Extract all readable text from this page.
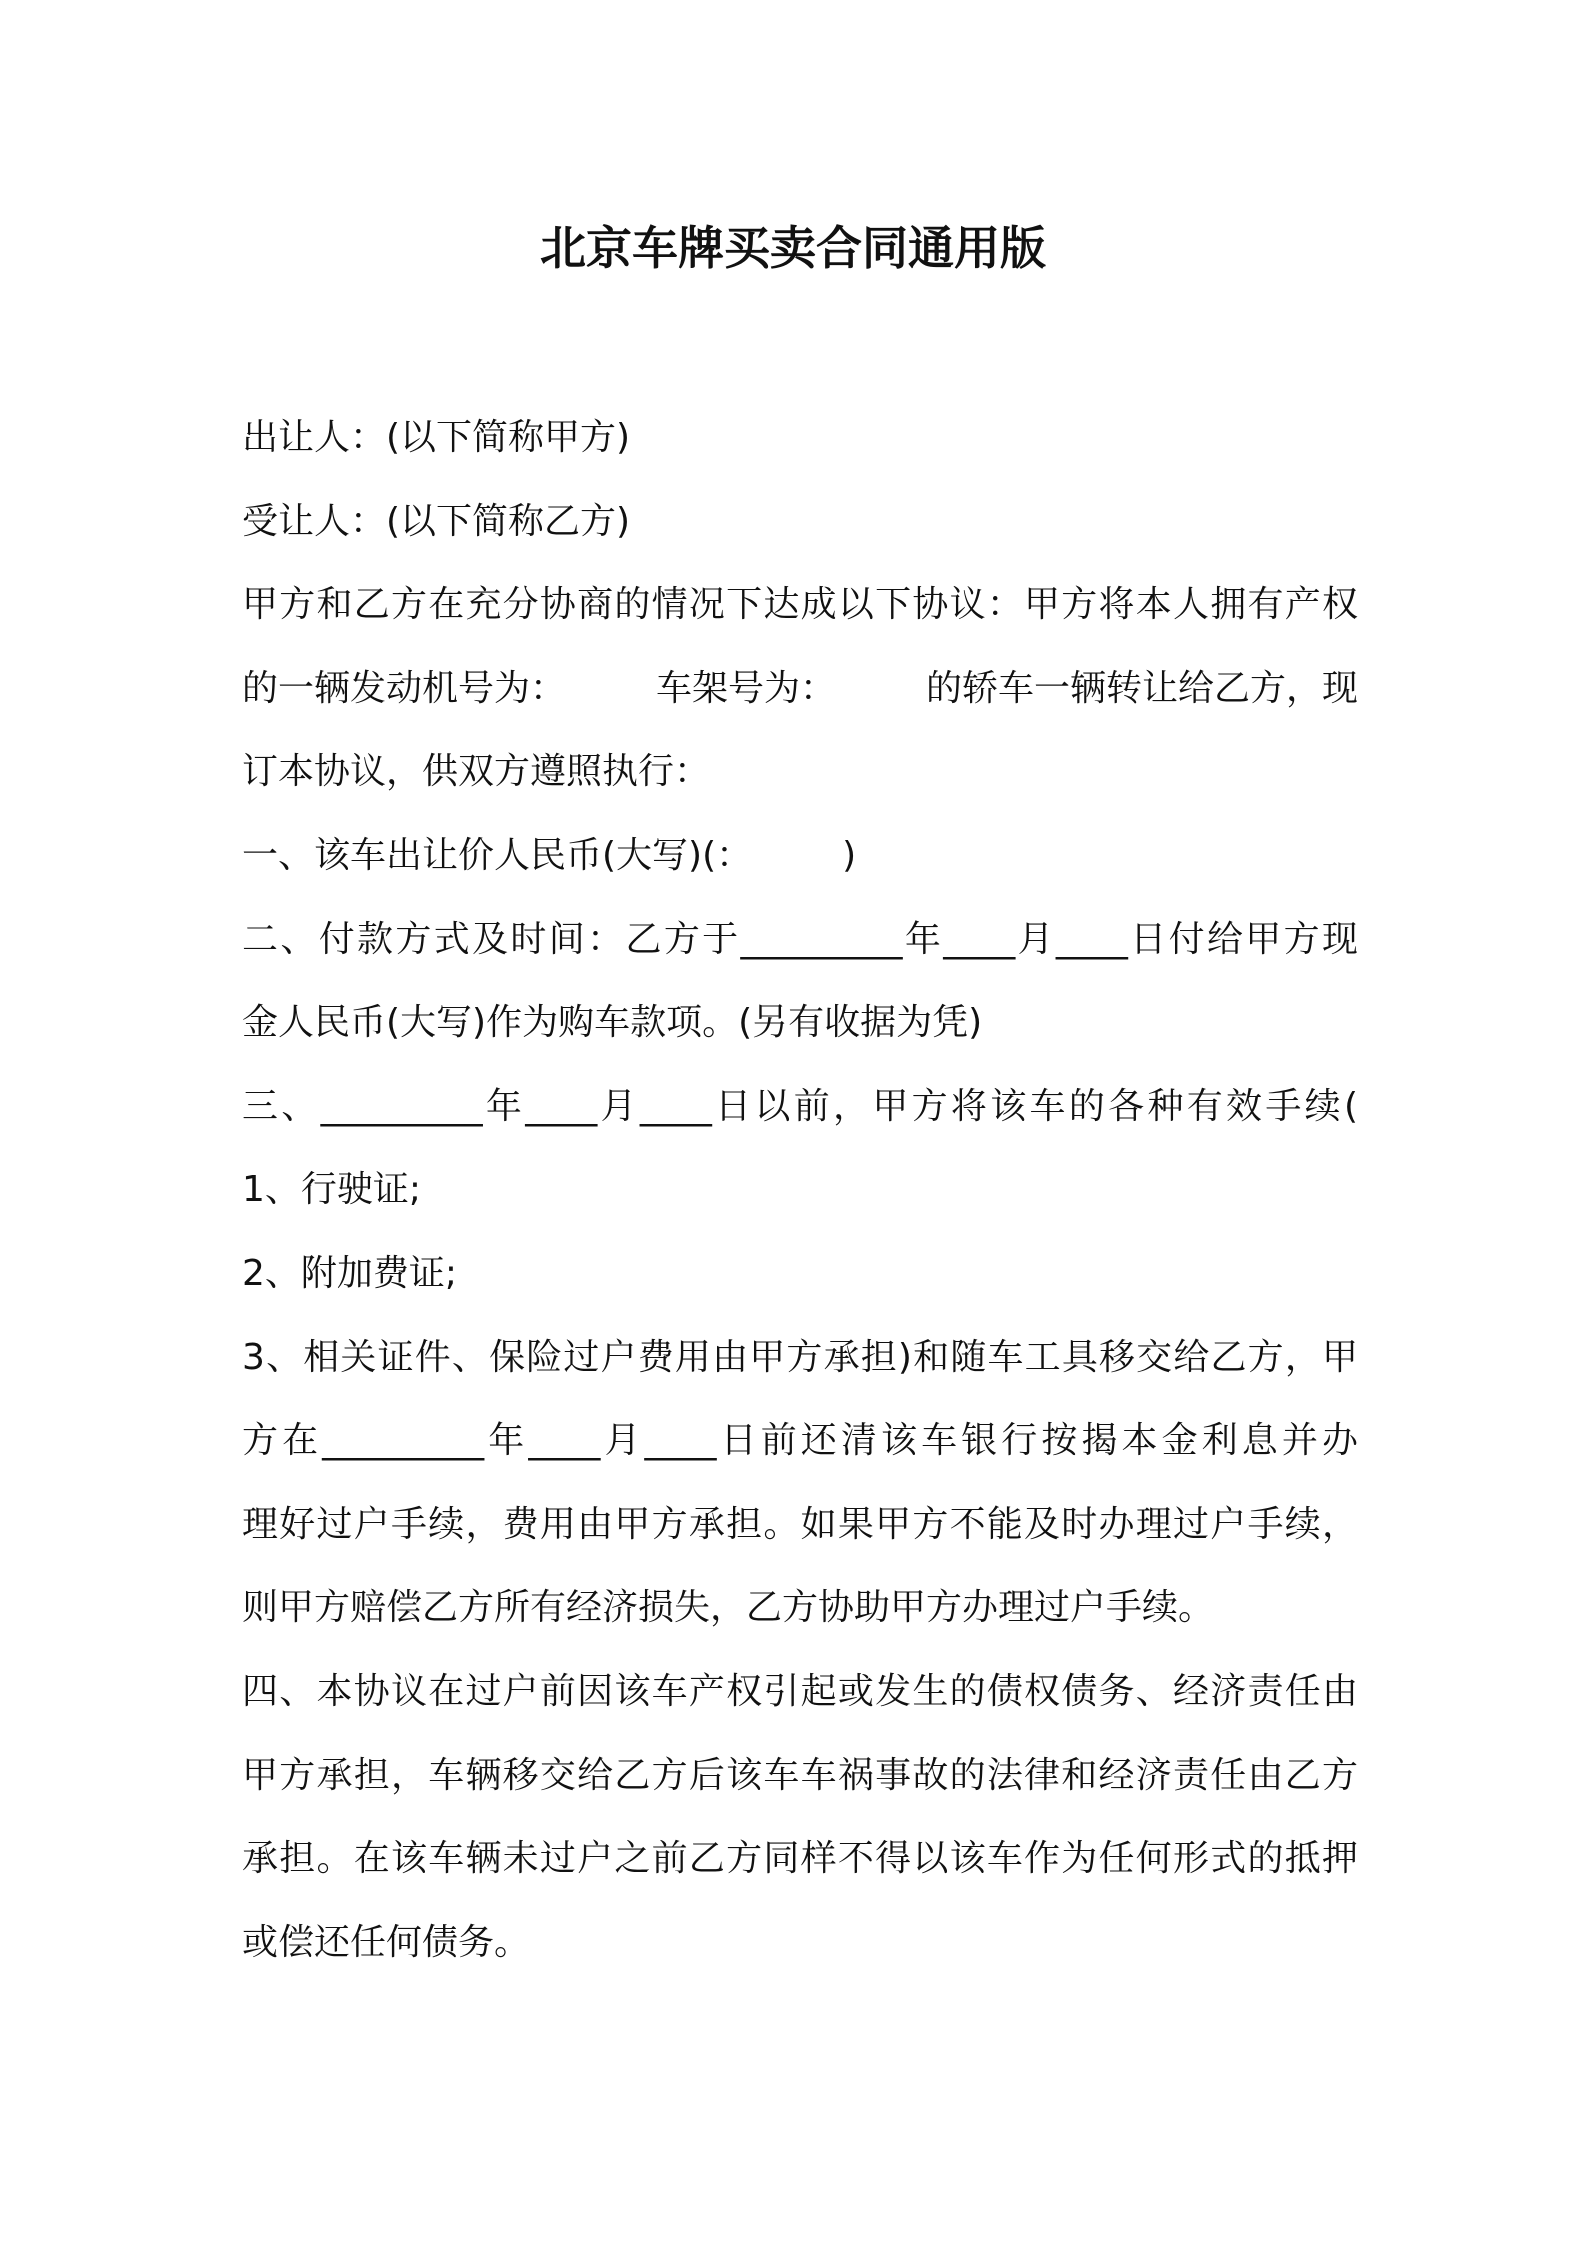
北京车牌买卖合同通用版
出让人：(以下简称甲方)
受让人：(以下简称乙方)
甲方和乙方在充分协商的情况下达成以下协议：甲方将本人拥有产权
的一辆发动机号为：　　　车架号为：　　　的轿车一辆转让给乙方，现
订本协议，供双方遵照执行：
一、该车出让价人民币(大写)(：　　　)
二、付款方式及时间：乙方于_________年____月____日付给甲方现
金人民币(大写)作为购车款项。(另有收据为凭)
三、_________年____月____日以前，甲方将该车的各种有效手续(
1、行驶证;
2、附加费证;
3、相关证件、保险过户费用由甲方承担)和随车工具移交给乙方，甲
方在_________年____月____日前还清该车银行按揭本金利息并办
理好过户手续，费用由甲方承担。如果甲方不能及时办理过户手续，
则甲方赔偿乙方所有经济损失，乙方协助甲方办理过户手续。
四、本协议在过户前因该车产权引起或发生的债权债务、经济责任由
甲方承担，车辆移交给乙方后该车车祸事故的法律和经济责任由乙方
承担。在该车辆未过户之前乙方同样不得以该车作为任何形式的抵押
或偿还任何债务。
